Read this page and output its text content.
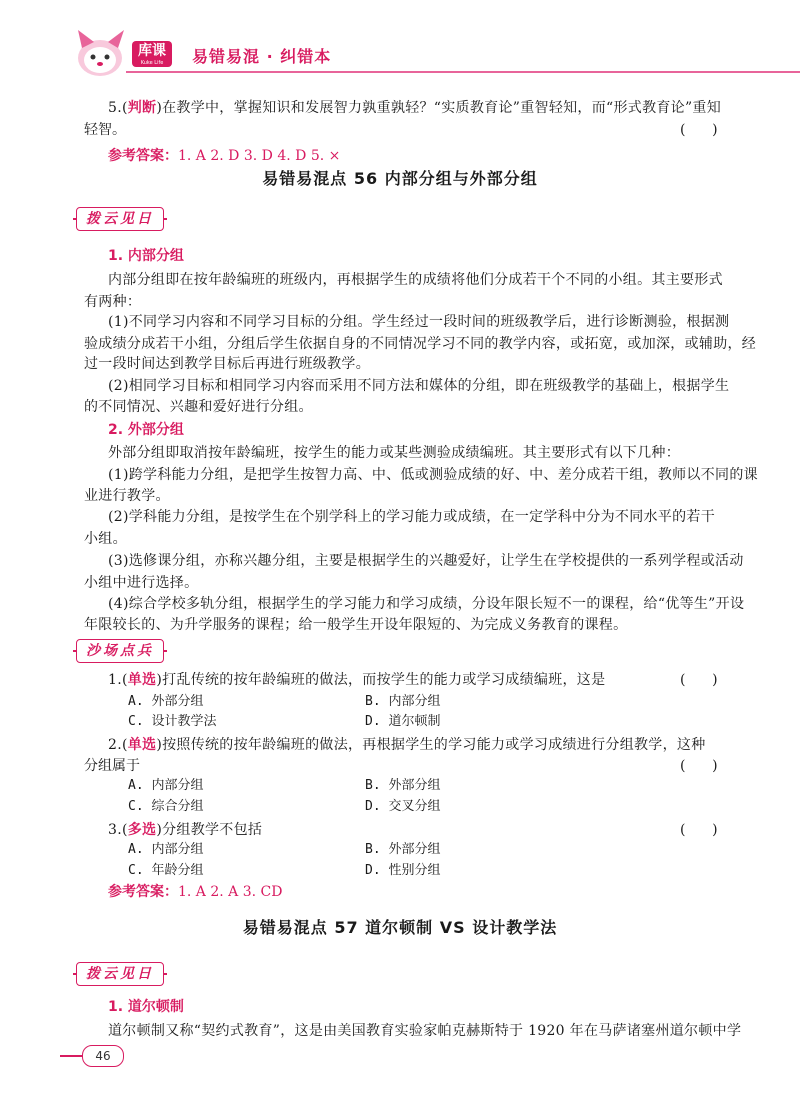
库课
Kuke Life	易错易混 · 纠错本
5.(判断)在教学中，掌握知识和发展智力孰重孰轻？“实质教育论”重智轻知，而“形式教育论”重知
轻智。	(      )
参考答案：1. A 2. D 3. D 4. D 5. ×
易错易混点 56 内部分组与外部分组
拨云见日
1. 内部分组
内部分组即在按年龄编班的班级内，再根据学生的成绩将他们分成若干个不同的小组。其主要形式
有两种：
(1)不同学习内容和不同学习目标的分组。学生经过一段时间的班级教学后，进行诊断测验，根据测
验成绩分成若干小组，分组后学生依据自身的不同情况学习不同的教学内容，或拓宽，或加深，或辅助，经
过一段时间达到教学目标后再进行班级教学。
(2)相同学习目标和相同学习内容而采用不同方法和媒体的分组，即在班级教学的基础上，根据学生
的不同情况、兴趣和爱好进行分组。
2. 外部分组
外部分组即取消按年龄编班，按学生的能力或某些测验成绩编班。其主要形式有以下几种：
(1)跨学科能力分组，是把学生按智力高、中、低或测验成绩的好、中、差分成若干组，教师以不同的课
业进行教学。
(2)学科能力分组，是按学生在个别学科上的学习能力或成绩，在一定学科中分为不同水平的若干
小组。
(3)选修课分组，亦称兴趣分组，主要是根据学生的兴趣爱好，让学生在学校提供的一系列学程或活动
小组中进行选择。
(4)综合学校多轨分组，根据学生的学习能力和学习成绩，分设年限长短不一的课程，给“优等生”开设
年限较长的、为升学服务的课程；给一般学生开设年限短的、为完成义务教育的课程。
沙场点兵
1.(单选)打乱传统的按年龄编班的做法，而按学生的能力或学习成绩编班，这是	(      )
A. 外部分组	B. 内部分组
C. 设计教学法	D. 道尔顿制
2.(单选)按照传统的按年龄编班的做法，再根据学生的学习能力或学习成绩进行分组教学，这种
分组属于	(      )
A. 内部分组	B. 外部分组
C. 综合分组	D. 交叉分组
3.(多选)分组教学不包括	(      )
A. 内部分组	B. 外部分组
C. 年龄分组	D. 性别分组
参考答案：1. A 2. A 3. CD
易错易混点 57 道尔顿制 VS 设计教学法
拨云见日
1. 道尔顿制
道尔顿制又称“契约式教育”，这是由美国教育实验家帕克赫斯特于 1920 年在马萨诸塞州道尔顿中学
46
